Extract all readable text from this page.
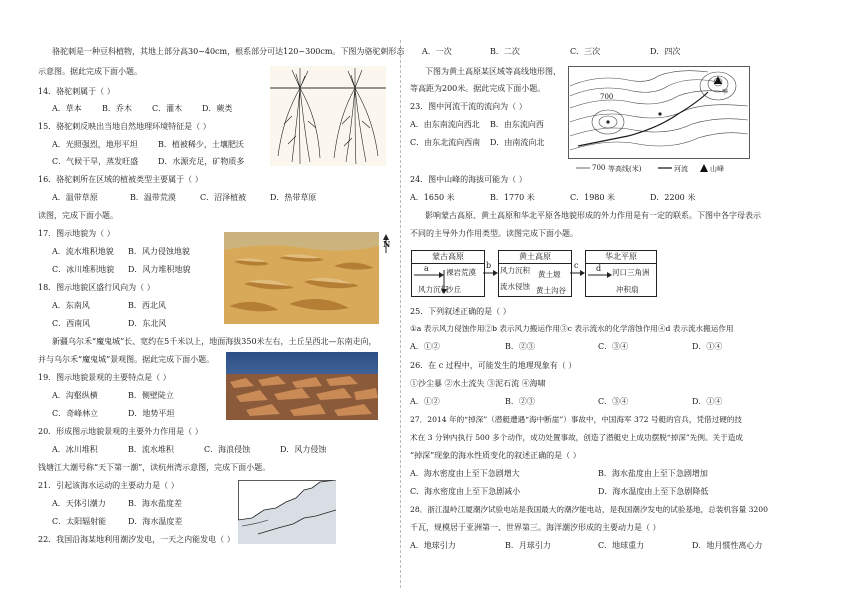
骆驼刺是一种豆科植物，其地上部分高30~40cm，根系部分可达120~300cm。下图为骆驼刺形态
示意图。据此完成下面小题。
14．骆驼刺属于（ ）
A．草本	B．乔木	C．灌木 D．蕨类
15．骆驼刺反映出当地自然地理环境特征是（ ）
A．光照强烈，地形平坦	B．植被稀少，土壤肥沃
C．气候干旱，蒸发旺盛 D．水源充足，矿物质多
16．骆驼刺所在区域的植被类型主要属于（ ）
A．温带草原	B．温带荒漠	C．沼泽植被	D．热带草原
读图，完成下面小题。
N
17．图示地貌为（ ）
A．流水堆积地貌 B．风力侵蚀地貌
C．冰川堆积地貌 D．风力堆积地貌
18．图示地貌区盛行风向为（ ）
A．东南风	B．西北风
C．西南风	D．东北风
新疆乌尔禾“魔鬼城”长、宽约在5千米以上，地面海拔350米左右，土丘呈西北—东南走向，
并与乌尔禾“魔鬼城”景观图。据此完成下面小题。
19．图示地貌景观的主要特点是（ ）
A．沟壑纵横	B．侧壁陡立
C．奇峰林立	D．地势平坦
20．形成图示地貌景观的主要外力作用是（ ）
A．冰川堆积	B．流水堆积	C．海浪侵蚀	D．风力侵蚀
钱塘江大潮号称“天下第一潮”，读杭州湾示意图，完成下面小题。
21．引起该海水运动的主要动力是（ ）
A．天体引潮力	B．海水盐度差
C．太阳辐射能	D．海水温度差
22．我国沿海某地利用潮汐发电，一天之内能发电（ ）
A．一次	B．二次	C．三次	D．四次
下图为黄土高原某区域等高线地形图，
等高距为200米。据此完成下面小题。
700
甲
700 等高线(米)	河流	山峰
23．图中河流干流的流向为（ ）
A．由东南流向西北 B．由东流向西
C．由东北流向西南 D．由南流向北
24．图中山峰的海拔可能为（ ）
A．1650 米	B．1770 米	C．1980 米	D．2200 米
影响蒙古高原、黄土高原和华北平原各地貌形成的外力作用是有一定的联系。下图中各字母表示
不同的主导外力作用类型。读图完成下面小题。
蒙古高原	黄土高原	华北平原
a 裸岩荒漠
沙丘
风力沉积
b
风力沉积
流水侵蚀
黄土塬
黄土沟谷
c d 河口三角洲
冲积扇
25．下列叙述正确的是（ ）
①a 表示风力侵蚀作用②b 表示风力搬运作用③c 表示流水的化学溶蚀作用④d 表示流水搬运作用
A．①②	B．②③	C．③④	D．①④
26．在 c 过程中，可能发生的地理现象有（ ）
①沙尘暴 ②水土流失 ③泥石流 ④海啸
A．①②	B．②③	C．③④	D．①④
27．2014 年的“掉深”（潜艇遭遇“海中断崖”）事故中，中国海军 372 号艇的官兵，凭借过硬的技
术在 3 分钟内执行 500 多个动作，成功处置事故，创造了潜艇史上成功摆脱“掉深”先例。关于造成
“掉深”现象的海水性质变化的叙述正确的是（ ）
A．海水密度由上至下急剧增大	B．海水盐度由上至下急剧增加
C．海水密度由上至下急剧减小	D．海水温度由上至下急剧降低
28．浙江温岭江厦潮汐试验电站是我国最大的潮汐能电站，是我国潮汐发电的试验基地，总装机容量 3200
千瓦，规模居于亚洲第一、世界第三。海洋潮汐形成的主要动力是（ ）
A．地球引力	B．月球引力	C．地球重力	D．地月惯性离心力
